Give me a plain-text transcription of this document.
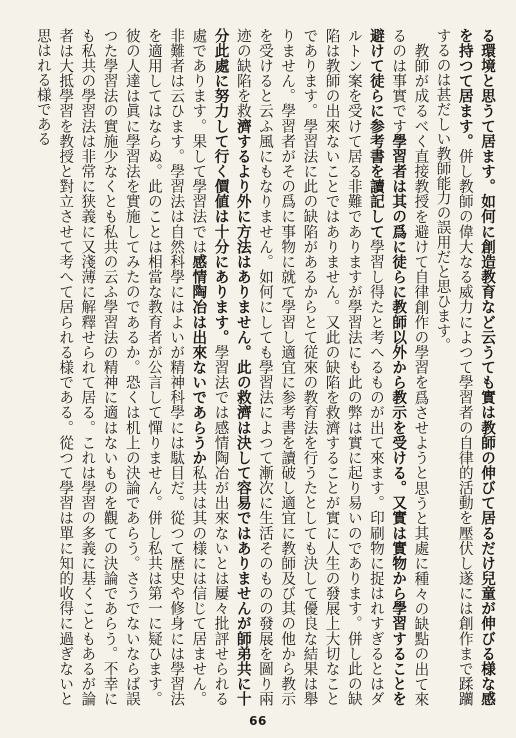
る環境と思うて居ます。如何に創造教育など云うても實は教師の伸びて居るだけ兒童が伸びる様な感を持つて居ます。併し教師の偉大なる威力によつて學習者の自律的活動を壓伏し遂には創作まで蹂躪するのは甚だしい教師能力の誤用だと思ひます。

教師が成るべく直接教授を避けて自律創作の學習を爲させようと思うと其處に種々の缺點の出て來るのは事實です學習者は其の爲に徒らに教師以外から教示を受ける。又實は實物から學習することを避けて徒らに参考書を讀記して學習し得たと考へるものが出て來ます。印刷物に捉はれすぎるとはダルトン案を受けて居る非難でありますが學習法にも此の弊は實に起り易いのであります。併し此の缺陷は教師の出來ないことではありません。又此の缺陷を救濟することが實に人生の發展上大切なことであります。學習法に此の缺陷があるからとて従來の教育法を行うたとしても決して優良な結果は舉りません。學習者がその爲に事物に就て學習し適宜に参考書を讀破し適宜に教師及び其の他から教示を受けると云ふ風にもなりません。如何にしても學習法によつて漸次に生活そのものの發展を圖り兩迹の缺陷を救濟するより外に方法はありません。此の救濟は決して容易ではありませんが師弟共に十分此處に努力して行く價値は十分にあります。學習法では感情陶冶が出來ないとは屢々批評せられる處であります。果して學習法では感情陶冶は出來ないであらうか私共は其の様には信じて居ません。非難者は云ひます。學習法は自然科學にはよいが精神科學には駄目だ。從つて歴史や修身には學習法を適用してはならぬ。此のことは相當な教育者が公言して憚りません。併し私共は第一に疑ひます。彼の人達は眞に學習法を實施してみたのであるか。恐くは机上の決論であらう。さうでないならば誤つた學習法の實施少なくとも私共の云ふ學習法の精神に適はないものを觀ての決論であらう。不幸にも私共の學習法は非常に狭義に又淺薄に解釋せられて居る。これは學習の多義に基くこともあるが論者は大抵學習を教授と對立させて考へて居られる様である。從つて學習は單に知的收得に過ぎないと思はれる様である

66
